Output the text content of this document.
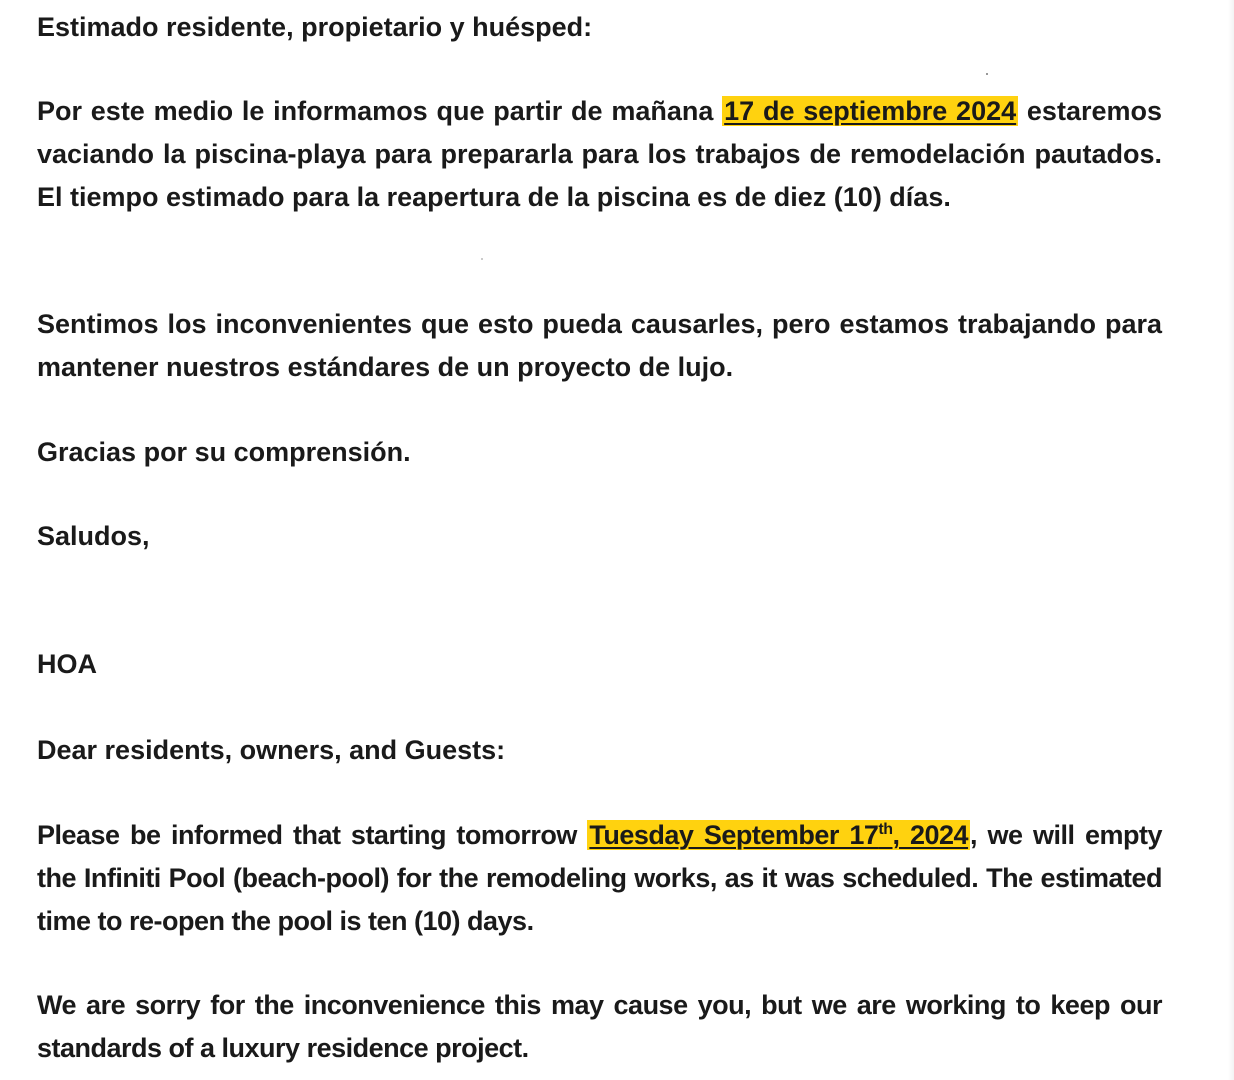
Estimado residente, propietario y huésped:

Por este medio le informamos que partir de mañana 17 de septiembre 2024 estaremos vaciando la piscina-playa para prepararla para los trabajos de remodelación pautados. El tiempo estimado para la reapertura de la piscina es de diez (10) días.

Sentimos los inconvenientes que esto pueda causarles, pero estamos trabajando para mantener nuestros estándares de un proyecto de lujo.

Gracias por su comprensión.

Saludos,

HOA

Dear residents, owners, and Guests:

Please be informed that starting tomorrow Tuesday September 17th, 2024, we will empty the Infiniti Pool (beach-pool) for the remodeling works, as it was scheduled. The estimated time to re-open the pool is ten (10) days.

We are sorry for the inconvenience this may cause you, but we are working to keep our standards of a luxury residence project.
